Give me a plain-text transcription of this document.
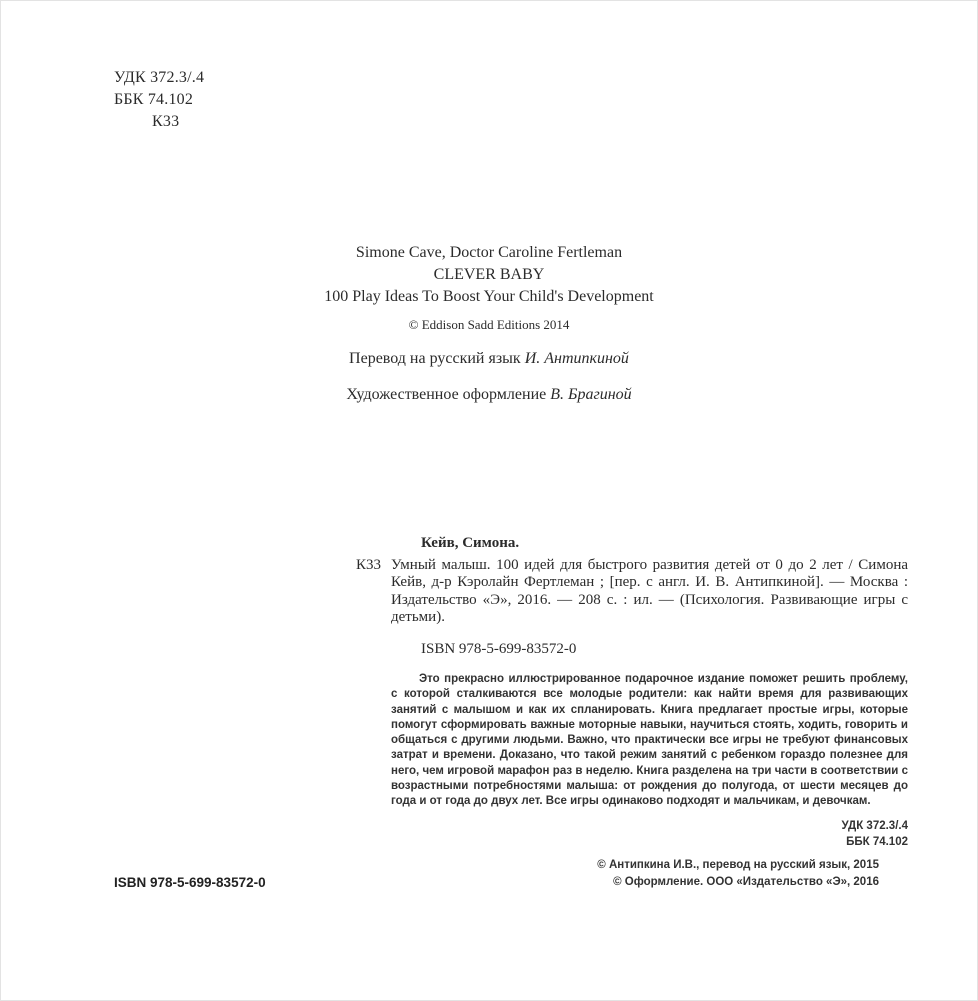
УДК 372.3/.4
ББК 74.102
К33
Simone Cave, Doctor Caroline Fertleman
CLEVER BABY
100 Play Ideas To Boost Your Child's Development
© Eddison Sadd Editions 2014
Перевод на русский язык И. Антипкиной
Художественное оформление В. Брагиной
Кейв, Симона.
К33 Умный малыш. 100 идей для быстрого развития детей от 0 до 2 лет / Симона Кейв, д-р Кэролайн Фертлеман ; [пер. с англ. И. В. Антипкиной]. — Москва : Издательство «Э», 2016. — 208 с. : ил. — (Психология. Развивающие игры с детьми).

ISBN 978-5-699-83572-0

Это прекрасно иллюстрированное подарочное издание поможет решить проблему, с которой сталкиваются все молодые родители: как найти время для развивающих занятий с малышом и как их спланировать. Книга предлагает простые игры, которые помогут сформировать важные моторные навыки, научиться стоять, ходить, говорить и общаться с другими людьми. Важно, что практически все игры не требуют финансовых затрат и времени. Доказано, что такой режим занятий с ребенком гораздо полезнее для него, чем игровой марафон раз в неделю. Книга разделена на три части в соответствии с возрастными потребностями малыша: от рождения до полугода, от шести месяцев до года и от года до двух лет. Все игры одинаково подходят и мальчикам, и девочкам.

УДК 372.3/.4
ББК 74.102
ISBN 978-5-699-83572-0
© Антипкина И.В., перевод на русский язык, 2015
© Оформление. ООО «Издательство «Э», 2016
